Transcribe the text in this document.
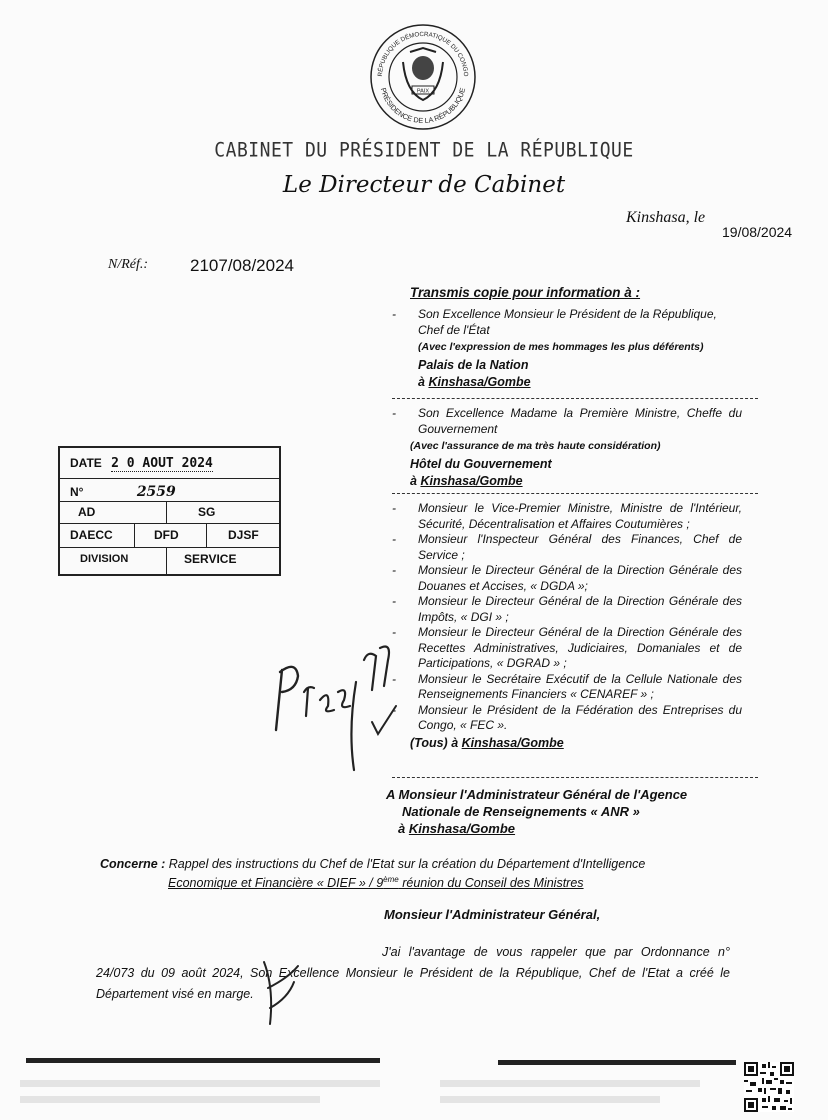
RÉPUBLIQUE DÉMOCRATIQUE DU CONGO
PRÉSIDENCE DE LA RÉPUBLIQUE
PAIX
CABINET DU PRÉSIDENT DE LA RÉPUBLIQUE
Le Directeur de Cabinet
Kinshasa, le
19/08/2024
N/Réf.: 2107/08/2024
Transmis copie pour information à :
- Son Excellence Monsieur le Président de la République, Chef de l'État
(Avec l'expression de mes hommages les plus déférents)
Palais de la Nation
à Kinshasa/Gombe
- Son Excellence Madame la Première Ministre, Cheffe du Gouvernement
(Avec l'assurance de ma très haute considération)
Hôtel du Gouvernement
à Kinshasa/Gombe
- Monsieur le Vice-Premier Ministre, Ministre de l'Intérieur, Sécurité, Décentralisation et Affaires Coutumières ;
- Monsieur l'Inspecteur Général des Finances, Chef de Service ;
- Monsieur le Directeur Général de la Direction Générale des Douanes et Accises, « DGDA »;
- Monsieur le Directeur Général de la Direction Générale des Impôts, « DGI » ;
- Monsieur le Directeur Général de la Direction Générale des Recettes Administratives, Judiciaires, Domaniales et de Participations, « DGRAD » ;
- Monsieur le Secrétaire Exécutif de la Cellule Nationale des Renseignements Financiers « CENAREF » ;
- Monsieur le Président de la Fédération des Entreprises du Congo, « FEC ».
(Tous) à Kinshasa/Gombe
DATE 2 0 AOUT 2024
N°	2559
AD	SG
DAECC	DFD	DJSF
DIVISION	SERVICE
A Monsieur l'Administrateur Général de l'Agence
Nationale de Renseignements « ANR »
à Kinshasa/Gombe
Concerne : Rappel des instructions du Chef de l'Etat sur la création du Département d'Intelligence
Economique et Financière « DIEF » / 9ème réunion du Conseil des Ministres
Monsieur l'Administrateur Général,
J'ai l'avantage de vous rappeler que par Ordonnance n° 24/073 du 09 août 2024, Son Excellence Monsieur le Président de la République, Chef de l'Etat a créé le Département visé en marge.
